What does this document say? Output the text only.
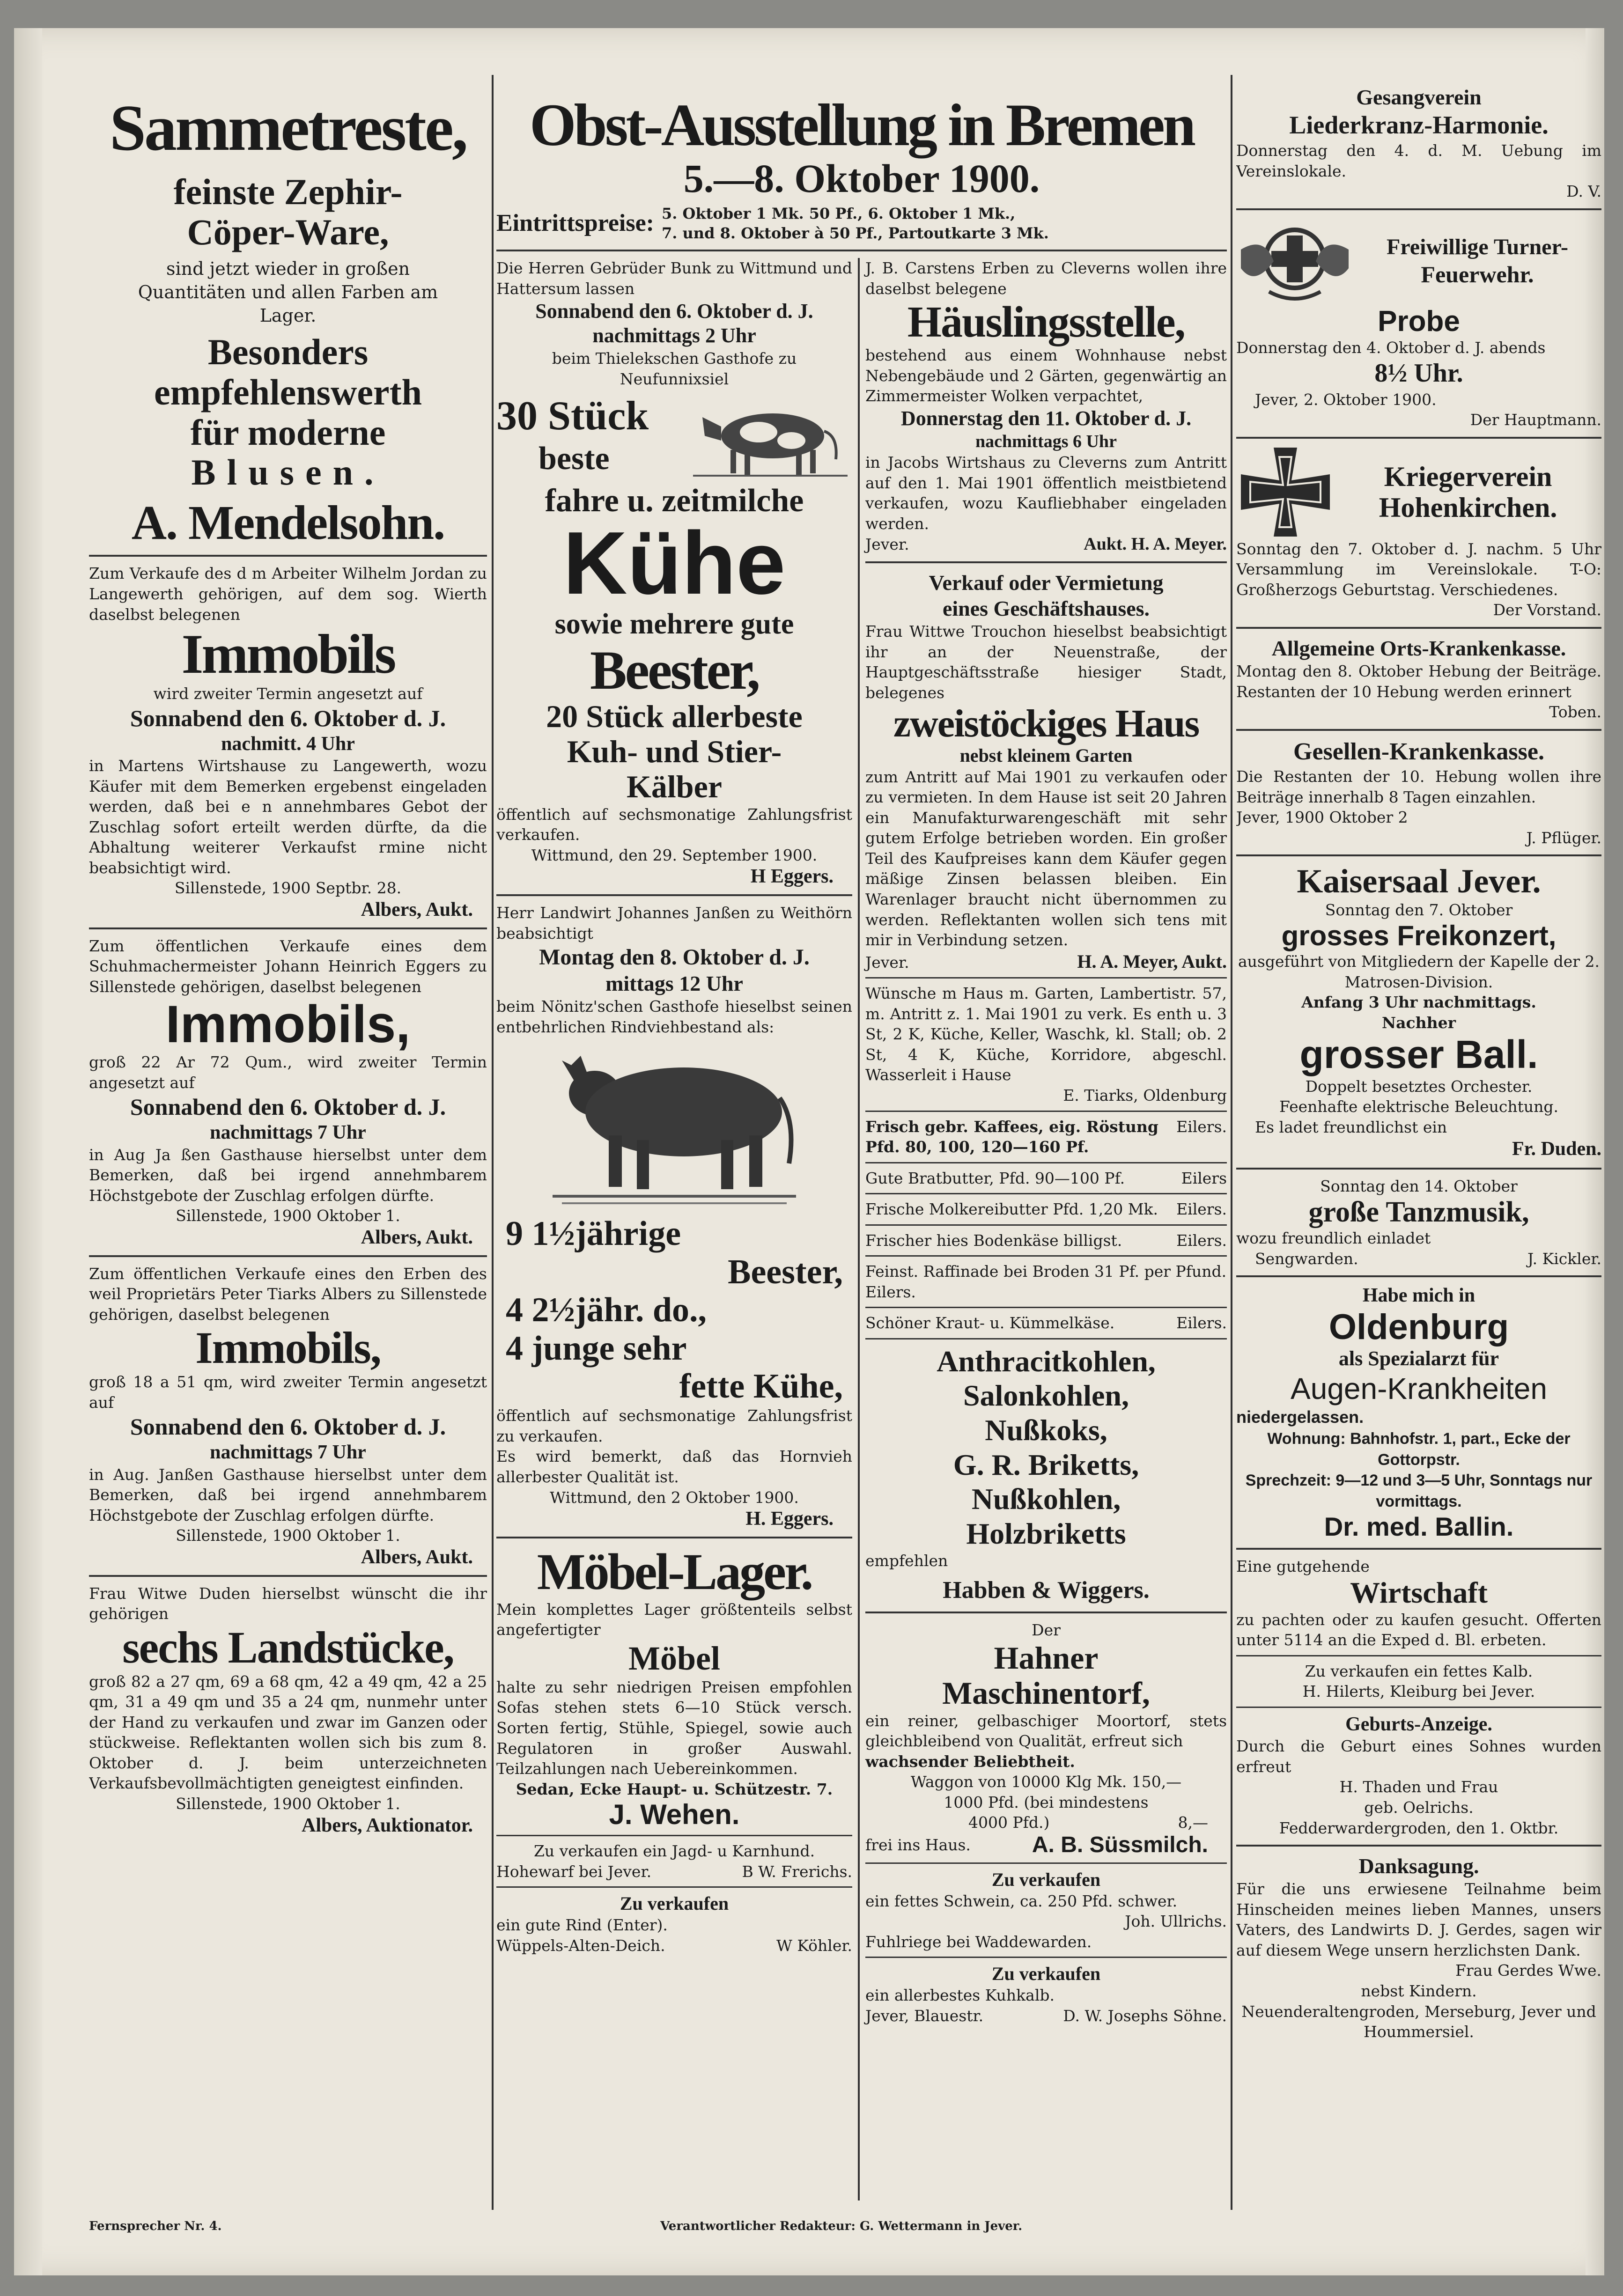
Sammetreste,
feinste Zephir-
Cöper-Ware,
sind jetzt wieder in großen Quantitäten und allen Farben am Lager.
Besonders
empfehlenswerth
für moderne
Blusen.
A. Mendelsohn.
Zum Verkaufe des d m Arbeiter Wilhelm Jordan zu Langewerth gehörigen, auf dem sog. Wierth daselbst belegenen
Immobils
wird zweiter Termin angesetzt auf
Sonnabend den 6. Oktober d. J.
nachmitt. 4 Uhr
in Martens Wirtshause zu Langewerth, wozu Käufer mit dem Bemerken ergebenst eingeladen werden, daß bei e n annehmbares Gebot der Zuschlag sofort erteilt werden dürfte, da die Abhaltung weiterer Verkaufst rmine nicht beabsichtigt wird.
Sillenstede, 1900 Septbr. 28.
Albers, Aukt.
Zum öffentlichen Verkaufe eines dem Schuhmachermeister Johann Heinrich Eggers zu Sillenstede gehörigen, daselbst belegenen
Immobils,
groß 22 Ar 72 Qum., wird zweiter Termin angesetzt auf
Sonnabend den 6. Oktober d. J.
nachmittags 7 Uhr
in Aug Ja ßen Gasthause hierselbst unter dem Bemerken, daß bei irgend annehmbarem Höchstgebote der Zuschlag erfolgen dürfte.
Sillenstede, 1900 Oktober 1.
Albers, Aukt.
Zum öffentlichen Verkaufe eines den Erben des weil Proprietärs Peter Tiarks Albers zu Sillenstede gehörigen, daselbst belegenen
Immobils,
groß 18 a 51 qm, wird zweiter Termin angesetzt auf
Sonnabend den 6. Oktober d. J.
nachmittags 7 Uhr
in Aug. Janßen Gasthause hierselbst unter dem Bemerken, daß bei irgend annehmbarem Höchstgebote der Zuschlag erfolgen dürfte.
Sillenstede, 1900 Oktober 1.
Albers, Aukt.
Frau Witwe Duden hierselbst wünscht die ihr gehörigen
sechs Landstücke,
groß 82 a 27 qm, 69 a 68 qm, 42 a 49 qm, 42 a 25 qm, 31 a 49 qm und 35 a 24 qm, nunmehr unter der Hand zu verkaufen und zwar im Ganzen oder stückweise. Reflektanten wollen sich bis zum 8. Oktober d. J. beim unterzeichneten Verkaufsbevollmächtigten geneigtest einfinden.
Sillenstede, 1900 Oktober 1.
Albers, Auktionator.
Obst-Ausstellung in Bremen
5.—8. Oktober 1900.
Eintrittspreise: 5. Oktober 1 Mk. 50 Pf., 6. Oktober 1 Mk.,
7. und 8. Oktober à 50 Pf., Partoutkarte 3 Mk.
Die Herren Gebrüder Bunk zu Wittmund und Hattersum lassen
Sonnabend den 6. Oktober d. J.
nachmittags 2 Uhr
beim Thielekschen Gasthofe zu Neufunnixsiel
30 Stück
beste
fahre u. zeitmilche
Kühe
sowie mehrere gute
Beester,
20 Stück allerbeste
Kuh- und Stier-
Kälber
öffentlich auf sechsmonatige Zahlungsfrist verkaufen.
Wittmund, den 29. September 1900.
H Eggers.
Herr Landwirt Johannes Janßen zu Weithörn beabsichtigt
Montag den 8. Oktober d. J.
mittags 12 Uhr
beim Nönitz'schen Gasthofe hieselbst seinen entbehrlichen Rindviehbestand als:
9 1½jährige
Beester,
4 2½jähr. do.,
4 junge sehr
fette Kühe,
öffentlich auf sechsmonatige Zahlungsfrist zu verkaufen.
Es wird bemerkt, daß das Hornvieh allerbester Qualität ist.
Wittmund, den 2 Oktober 1900.
H. Eggers.
Möbel-Lager.
Mein komplettes Lager größtenteils selbst angefertigter
Möbel
halte zu sehr niedrigen Preisen empfohlen Sofas stehen stets 6—10 Stück versch. Sorten fertig, Stühle, Spiegel, sowie auch Regulatoren in großer Auswahl. Teilzahlungen nach Uebereinkommen.
Sedan, Ecke Haupt- u. Schützestr. 7.
J. Wehen.
Zu verkaufen ein Jagd- u Karnhund.
Hohewarf bei Jever.	B W. Frerichs.
Zu verkaufen
ein gute Rind (Enter).
Wüppels-Alten-Deich.	W Köhler.
J. B. Carstens Erben zu Cleverns wollen ihre daselbst belegene
Häuslingsstelle,
bestehend aus einem Wohnhause nebst Nebengebäude und 2 Gärten, gegenwärtig an Zimmermeister Wolken verpachtet,
Donnerstag den 11. Oktober d. J.
nachmittags 6 Uhr
in Jacobs Wirtshaus zu Cleverns zum Antritt auf den 1. Mai 1901 öffentlich meistbietend verkaufen, wozu Kaufliebhaber eingeladen werden.
Jever.	Aukt. H. A. Meyer.
Verkauf oder Vermietung
eines Geschäftshauses.
Frau Wittwe Trouchon hieselbst beabsichtigt ihr an der Neuenstraße, der Hauptgeschäftsstraße hiesiger Stadt, belegenes
zweistöckiges Haus
nebst kleinem Garten
zum Antritt auf Mai 1901 zu verkaufen oder zu vermieten. In dem Hause ist seit 20 Jahren ein Manufakturwarengeschäft mit sehr gutem Erfolge betrieben worden. Ein großer Teil des Kaufpreises kann dem Käufer gegen mäßige Zinsen belassen bleiben. Ein Warenlager braucht nicht übernommen zu werden. Reflektanten wollen sich tens mit mir in Verbindung setzen.
Jever.	H. A. Meyer, Aukt.
Wünsche m Haus m. Garten, Lambertistr. 57, m. Antritt z. 1. Mai 1901 zu verk. Es enth u. 3 St, 2 K, Küche, Keller, Waschk, kl. Stall; ob. 2 St, 4 K, Küche, Korridore, abgeschl. Wasserleit i Hause
E. Tiarks, Oldenburg
Frisch gebr. Kaffees, eig. Röstung Pfd. 80, 100, 120—160 Pf.
Eilers.
Gute Bratbutter, Pfd. 90—100 Pf.	Eilers
Frische Molkereibutter Pfd. 1,20 Mk. Eilers.
Frischer hies Bodenkäse billigst.	Eilers.
Feinst. Raffinade bei Broden 31 Pf. per Pfund. Eilers.
Schöner Kraut- u. Kümmelkäse.	Eilers.
Anthracitkohlen,
Salonkohlen,
Nußkoks,
G. R. Briketts,
Nußkohlen,
Holzbriketts
empfehlen
Habben & Wiggers.
Der
Hahner
Maschinentorf,
ein reiner, gelbaschiger Moortorf, stets gleichbleibend von Qualität, erfreut sich
wachsender Beliebtheit.
Waggon von 10000 Klg Mk. 150,—
1000 Pfd. (bei mindestens
4000 Pfd.)	8,—
frei ins Haus.	A. B. Süssmilch.
Zu verkaufen
ein fettes Schwein, ca. 250 Pfd. schwer.
Joh. Ullrichs.
Fuhlriege bei Waddewarden.
Zu verkaufen
ein allerbestes Kuhkalb.
Jever, Blauestr.	D. W. Josephs Söhne.
Gesangverein
Liederkranz-Harmonie.
Donnerstag den 4. d. M. Uebung im Vereinslokale.
D. V.
Freiwillige Turner-
Feuerwehr.
Probe
Donnerstag den 4. Oktober d. J. abends
8½ Uhr.
Jever, 2. Oktober 1900.
Der Hauptmann.
Kriegerverein
Hohenkirchen.
Sonntag den 7. Oktober d. J. nachm. 5 Uhr Versammlung im Vereinslokale. T-O: Großherzogs Geburtstag. Verschiedenes.
Der Vorstand.
Allgemeine Orts-Krankenkasse.
Montag den 8. Oktober Hebung der Beiträge. Restanten der 10 Hebung werden erinnert
Toben.
Gesellen-Krankenkasse.
Die Restanten der 10. Hebung wollen ihre Beiträge innerhalb 8 Tagen einzahlen.
Jever, 1900 Oktober 2
J. Pflüger.
Kaisersaal Jever.
Sonntag den 7. Oktober
grosses Freikonzert,
ausgeführt von Mitgliedern der Kapelle der 2. Matrosen-Division.
Anfang 3 Uhr nachmittags.
Nachher
grosser Ball.
Doppelt besetztes Orchester.
Feenhafte elektrische Beleuchtung.
Es ladet freundlichst ein
Fr. Duden.
Sonntag den 14. Oktober
große Tanzmusik,
wozu freundlich einladet
Sengwarden.	J. Kickler.
Habe mich in
Oldenburg
als Spezialarzt für
Augen-Krankheiten
niedergelassen.
Wohnung: Bahnhofstr. 1, part., Ecke der Gottorpstr.
Sprechzeit: 9—12 und 3—5 Uhr, Sonntags nur vormittags.
Dr. med. Ballin.
Eine gutgehende
Wirtschaft
zu pachten oder zu kaufen gesucht. Offerten unter 5114 an die Exped d. Bl. erbeten.
Zu verkaufen ein fettes Kalb.
H. Hilerts, Kleiburg bei Jever.
Geburts-Anzeige.
Durch die Geburt eines Sohnes wurden erfreut
H. Thaden und Frau
geb. Oelrichs.
Fedderwardergroden, den 1. Oktbr.
Danksagung.
Für die uns erwiesene Teilnahme beim Hinscheiden meines lieben Mannes, unsers Vaters, des Landwirts D. J. Gerdes, sagen wir auf diesem Wege unsern herzlichsten Dank.
Frau Gerdes Wwe.
nebst Kindern.
Neuenderaltengroden, Merseburg, Jever und Hoummersiel.
Fernsprecher Nr. 4.	Verantwortlicher Redakteur: G. Wettermann in Jever.
